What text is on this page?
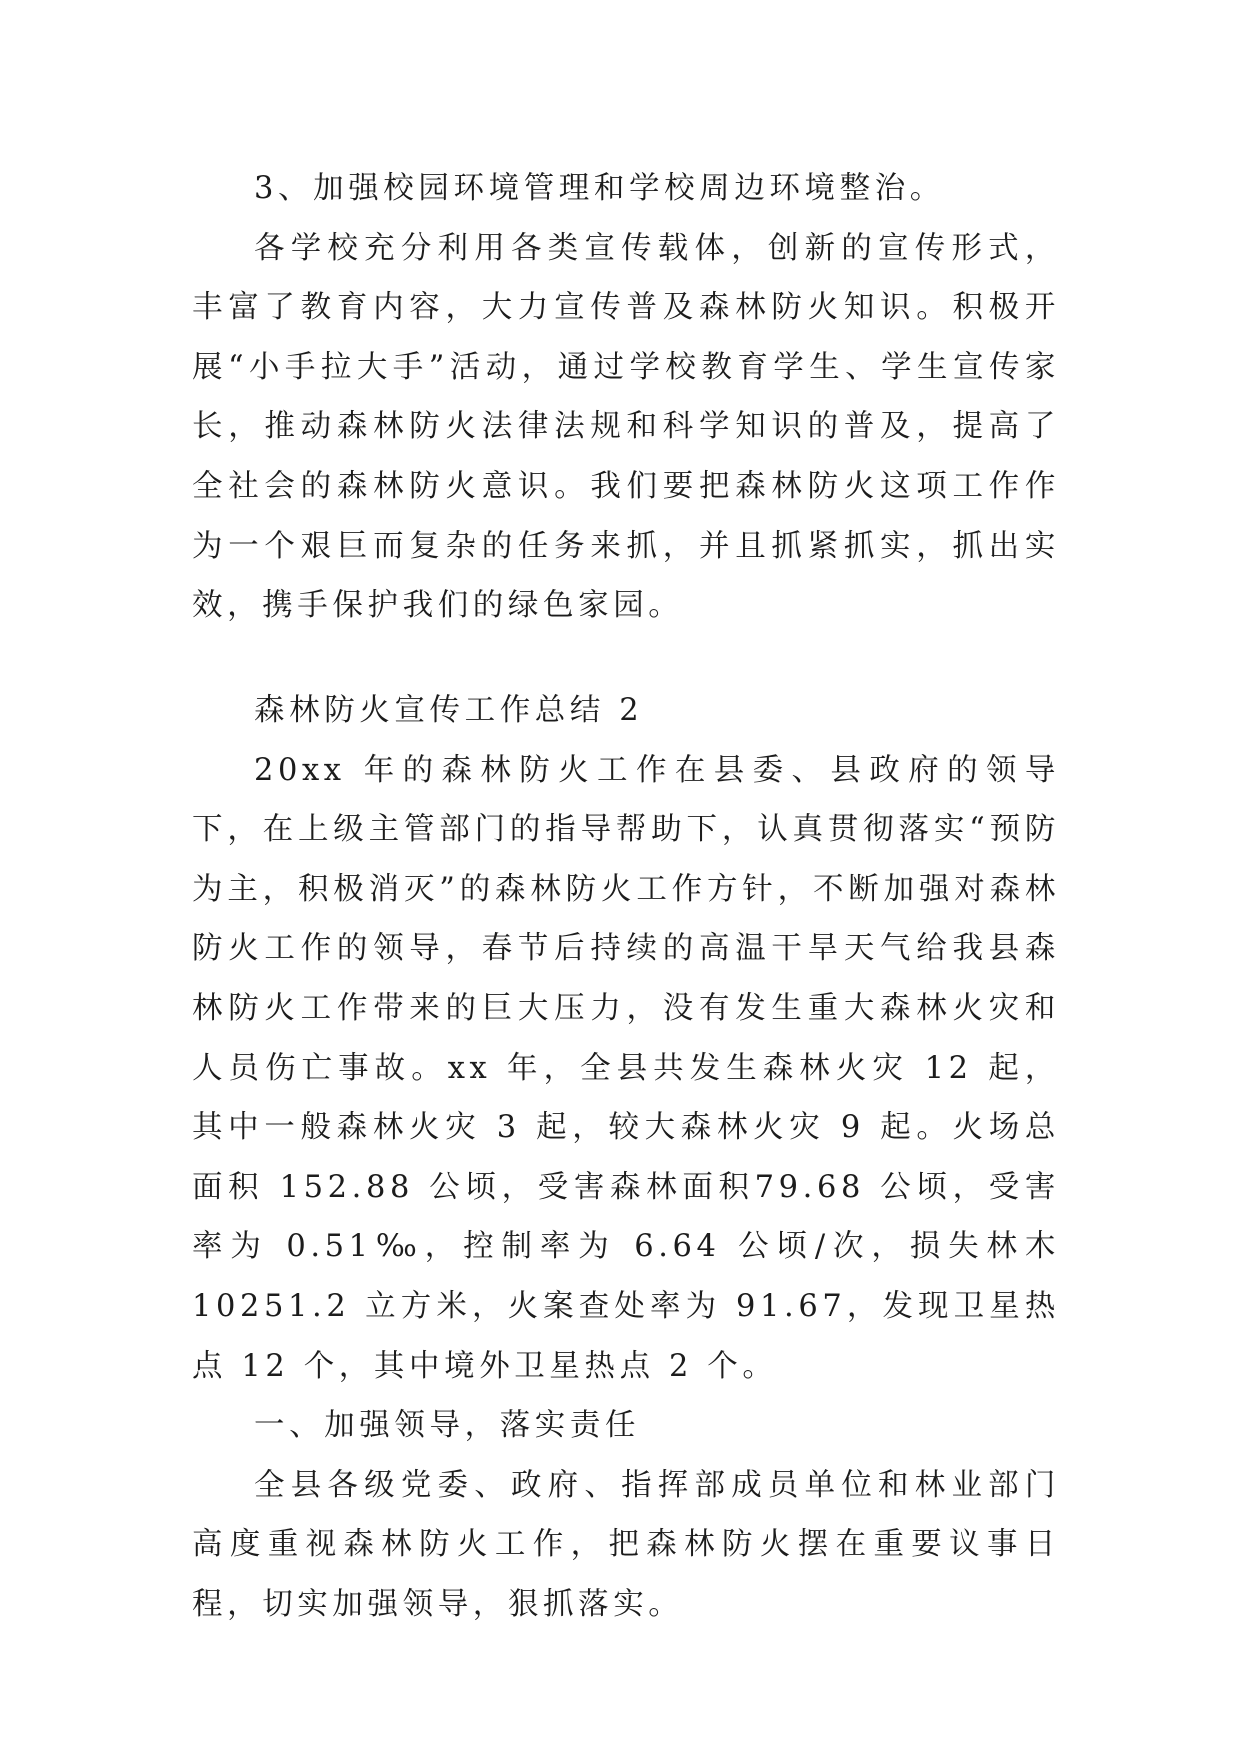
3、加强校园环境管理和学校周边环境整治。

各学校充分利用各类宣传载体，创新的宣传形式，丰富了教育内容，大力宣传普及森林防火知识。积极开展“小手拉大手”活动，通过学校教育学生、学生宣传家长，推动森林防火法律法规和科学知识的普及，提高了全社会的森林防火意识。我们要把森林防火这项工作作为一个艰巨而复杂的任务来抓，并且抓紧抓实，抓出实效，携手保护我们的绿色家园。

森林防火宣传工作总结 2

20xx 年的森林防火工作在县委、县政府的领导下，在上级主管部门的指导帮助下，认真贯彻落实“预防为主，积极消灭”的森林防火工作方针，不断加强对森林防火工作的领导，春节后持续的高温干旱天气给我县森林防火工作带来的巨大压力，没有发生重大森林火灾和人员伤亡事故。xx 年，全县共发生森林火灾 12 起，其中一般森林火灾 3 起，较大森林火灾 9 起。火场总面积 152.88 公顷，受害森林面积79.68 公顷，受害率为 0.51‰，控制率为 6.64 公顷/次，损失林木 10251.2 立方米，火案查处率为 91.67，发现卫星热点 12 个，其中境外卫星热点 2 个。

一、加强领导，落实责任

全县各级党委、政府、指挥部成员单位和林业部门高度重视森林防火工作，把森林防火摆在重要议事日程，切实加强领导，狠抓落实。
